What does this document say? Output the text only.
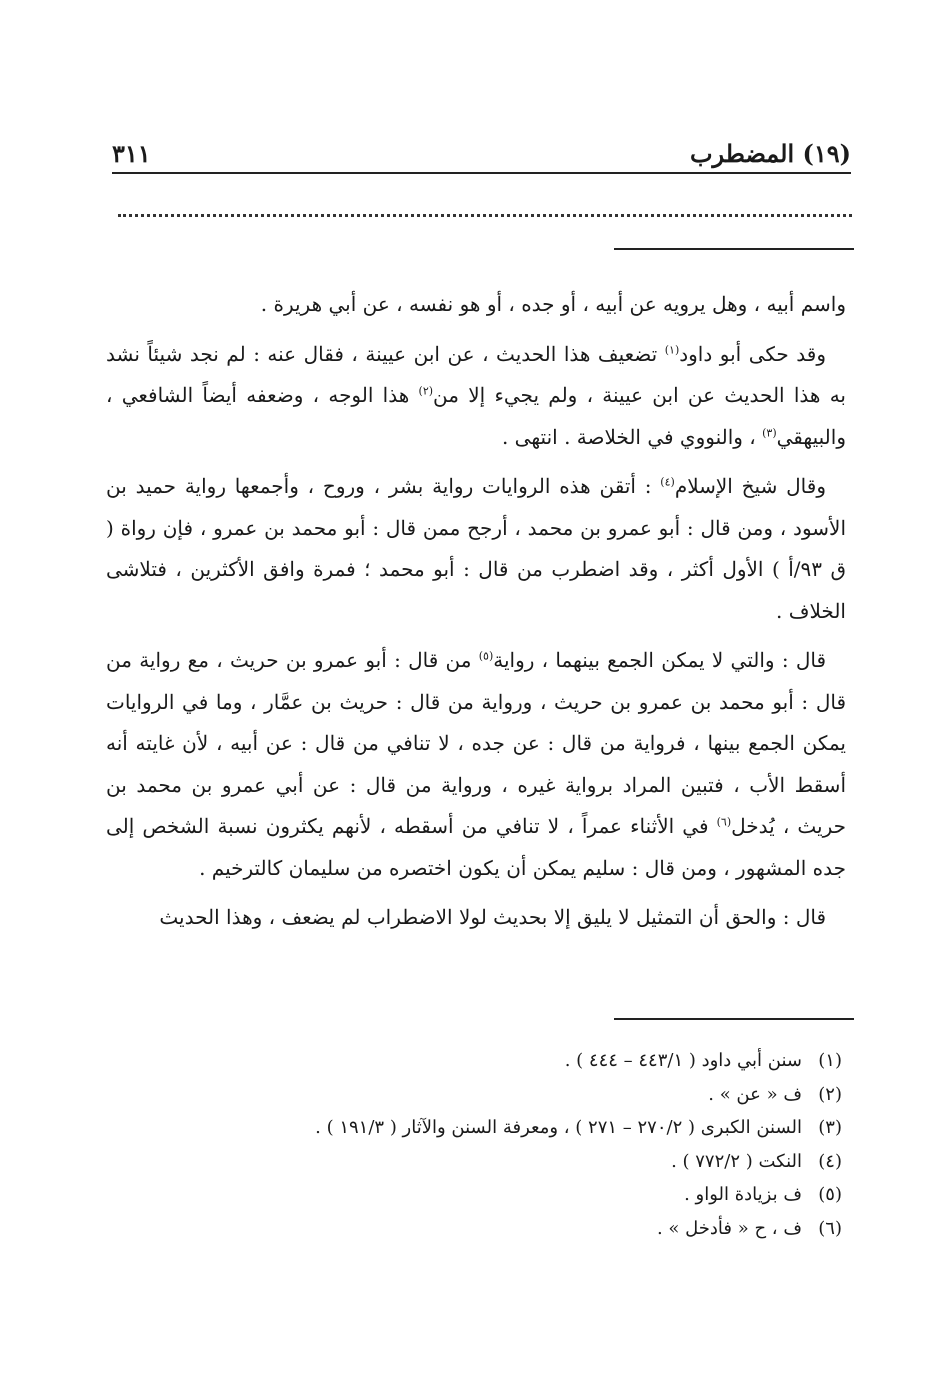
(١٩) المضطرب
٣١١

واسم أبيه ، وهل يرويه عن أبيه ، أو جده ، أو هو نفسه ، عن أبي هريرة .

وقد حكى أبو داود$^{(١)}$ تضعيف هذا الحديث ، عن ابن عيينة ، فقال عنه : لم نجد شيئاً نشد به هذا الحديث عن ابن عيينة ، ولم يجيء إلا من$^{(٢)}$ هذا الوجه ، وضعفه أيضاً الشافعي ، والبيهقي$^{(٣)}$ ، والنووي في الخلاصة . انتهى .

وقال شيخ الإسلام$^{(٤)}$ : أتقن هذه الروايات رواية بشر ، وروح ، وأجمعها رواية حميد بن الأسود ، ومن قال : أبو عمرو بن محمد ، أرجح ممن قال : أبو محمد بن عمرو ، فإن رواة ( ق ٩٣/أ ) الأول أكثر ، وقد اضطرب من قال : أبو محمد ؛ فمرة وافق الأكثرين ، فتلاشى الخلاف .

قال : والتي لا يمكن الجمع بينهما ، رواية$^{(٥)}$ من قال : أبو عمرو بن حريث ، مع رواية من قال : أبو محمد بن عمرو بن حريث ، ورواية من قال : حريث بن عمَّار ، وما في الروايات يمكن الجمع بينها ، فرواية من قال : عن جده ، لا تنافي من قال : عن أبيه ، لأن غايته أنه أسقط الأب ، فتبين المراد برواية غيره ، ورواية من قال : عن أبي عمرو بن محمد بن حريث ، يُدخل$^{(٦)}$ في الأثناء عمراً ، لا تنافي من أسقطه ، لأنهم يكثرون نسبة الشخص إلى جده المشهور ، ومن قال : سليم يمكن أن يكون اختصره من سليمان كالترخيم .

قال : والحق أن التمثيل لا يليق إلا بحديث لولا الاضطراب لم يضعف ، وهذا الحديث

(١)
سنن أبي داود ( ٤٤٣/١ – ٤٤٤ ) .
(٢)
ف « عن » .
(٣)
السنن الكبرى ( ٢٧٠/٢ – ٢٧١ ) ، ومعرفة السنن والآثار ( ١٩١/٣ ) .
(٤)
النكت ( ٧٧٢/٢ ) .
(٥)
ف بزيادة الواو .
(٦)
ف ، ح « فأدخل » .
